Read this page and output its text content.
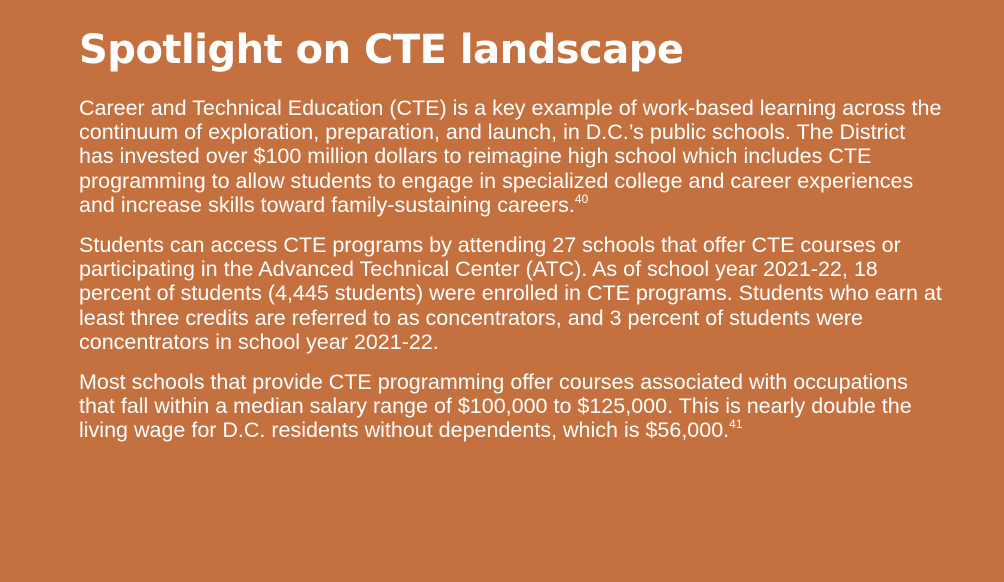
Spotlight on CTE landscape

Career and Technical Education (CTE) is a key example of work-based learning across the continuum of exploration, preparation, and launch, in D.C.’s public schools. The District has invested over $100 million dollars to reimagine high school which includes CTE programming to allow students to engage in specialized college and career experiences and increase skills toward family-sustaining careers.$^{40}$

Students can access CTE programs by attending 27 schools that offer CTE courses or participating in the Advanced Technical Center (ATC). As of school year 2021-22, 18 percent of students (4,445 students) were enrolled in CTE programs. Students who earn at least three credits are referred to as concentrators, and 3 percent of students were concentrators in school year 2021-22.

Most schools that provide CTE programming offer courses associated with occupations that fall within a median salary range of $100,000 to $125,000. This is nearly double the living wage for D.C. residents without dependents, which is $56,000.41
